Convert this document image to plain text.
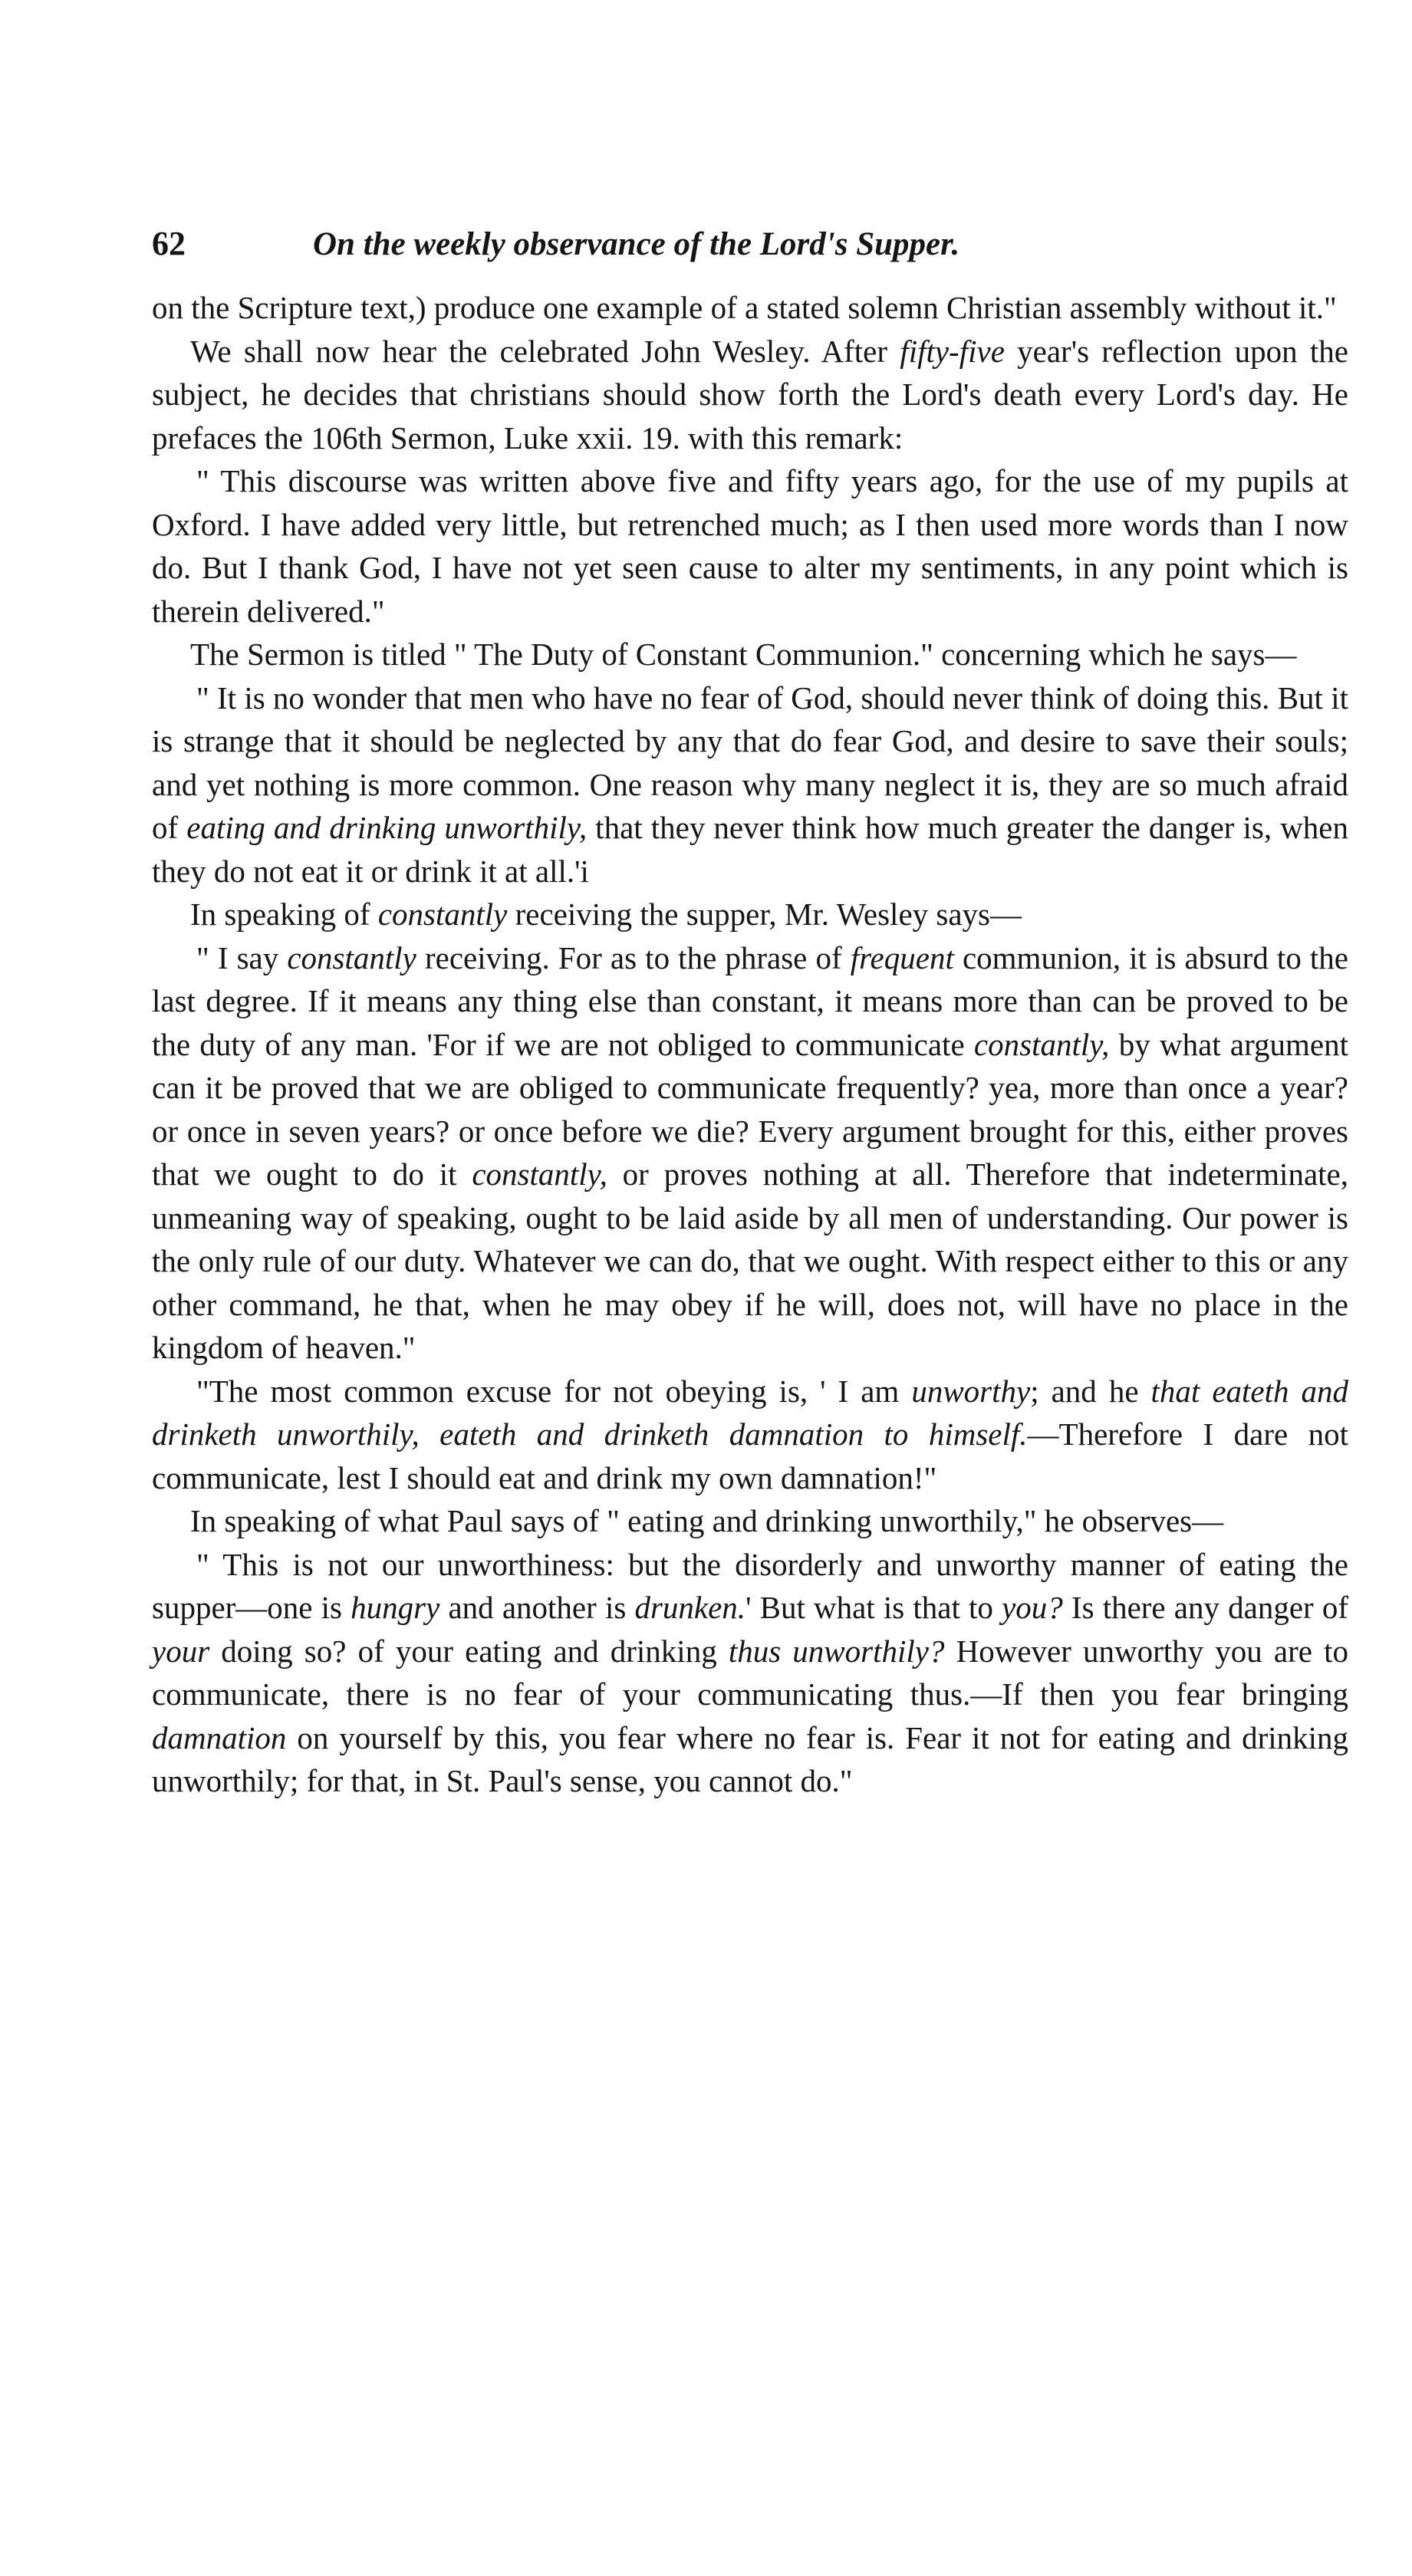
62	On the weekly observance of the Lord's Supper.

on the Scripture text,) produce one example of a stated solemn Christian assembly without it."

We shall now hear the celebrated John Wesley. After fifty-five year's reflection upon the subject, he decides that christians should show forth the Lord's death every Lord's day. He prefaces the 106th Sermon, Luke xxii. 19. with this remark:

" This discourse was written above five and fifty years ago, for the use of my pupils at Oxford. I have added very little, but retrenched much; as I then used more words than I now do. But I thank God, I have not yet seen cause to alter my sentiments, in any point which is therein delivered."

The Sermon is titled " The Duty of Constant Communion." concerning which he says—

" It is no wonder that men who have no fear of God, should never think of doing this. But it is strange that it should be neglected by any that do fear God, and desire to save their souls; and yet nothing is more common. One reason why many neglect it is, they are so much afraid of eating and drinking unworthily, that they never think how much greater the danger is, when they do not eat it or drink it at all.'i

In speaking of constantly receiving the supper, Mr. Wesley says—

" I say constantly receiving. For as to the phrase of frequent communion, it is absurd to the last degree. If it means any thing else than constant, it means more than can be proved to be the duty of any man. 'For if we are not obliged to communicate constantly, by what argument can it be proved that we are obliged to communicate frequently? yea, more than once a year? or once in seven years? or once before we die? Every argument brought for this, either proves that we ought to do it constantly, or proves nothing at all. Therefore that indeterminate, unmeaning way of speaking, ought to be laid aside by all men of understanding. Our power is the only rule of our duty. Whatever we can do, that we ought. With respect either to this or any other command, he that, when he may obey if he will, does not, will have no place in the kingdom of heaven."

"The most common excuse for not obeying is, ' I am unworthy; and he that eateth and drinketh unworthily, eateth and drinketh damnation to himself.—Therefore I dare not communicate, lest I should eat and drink my own damnation!"

In speaking of what Paul says of " eating and drinking unworthily," he observes—

" This is not our unworthiness: but the disorderly and unworthy manner of eating the supper—one is hungry and another is drunken.' But what is that to you? Is there any danger of your doing so? of your eating and drinking thus unworthily? However unworthy you are to communicate, there is no fear of your communicating thus.—If then you fear bringing damnation on yourself by this, you fear where no fear is. Fear it not for eating and drinking unworthily; for that, in St. Paul's sense, you cannot do."
